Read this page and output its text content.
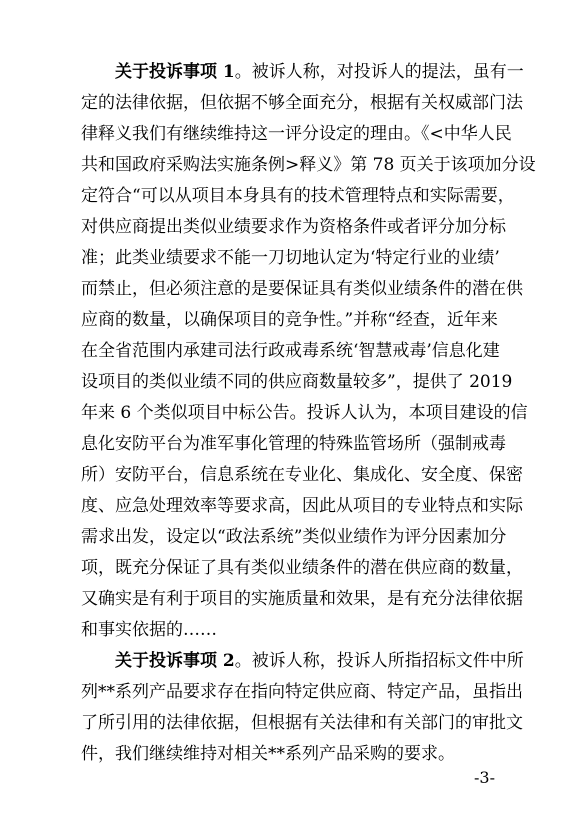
关于投诉事项 1。被诉人称，对投诉人的提法，虽有一
定的法律依据，但依据不够全面充分，根据有关权威部门法
律释义我们有继续维持这一评分设定的理由。《<中华人民
共和国政府采购法实施条例>释义》第 78 页关于该项加分设
定符合“可以从项目本身具有的技术管理特点和实际需要，
对供应商提出类似业绩要求作为资格条件或者评分加分标
准；此类业绩要求不能一刀切地认定为‘特定行业的业绩’
而禁止，但必须注意的是要保证具有类似业绩条件的潜在供
应商的数量，以确保项目的竞争性。”并称“经查，近年来
在全省范围内承建司法行政戒毒系统‘智慧戒毒’信息化建
设项目的类似业绩不同的供应商数量较多”，提供了 2019
年来 6 个类似项目中标公告。投诉人认为，本项目建设的信
息化安防平台为准军事化管理的特殊监管场所（强制戒毒
所）安防平台，信息系统在专业化、集成化、安全度、保密
度、应急处理效率等要求高，因此从项目的专业特点和实际
需求出发，设定以“政法系统”类似业绩作为评分因素加分
项，既充分保证了具有类似业绩条件的潜在供应商的数量，
又确实是有利于项目的实施质量和效果，是有充分法律依据
和事实依据的……
关于投诉事项 2。被诉人称，投诉人所指招标文件中所
列**系列产品要求存在指向特定供应商、特定产品，虽指出
了所引用的法律依据，但根据有关法律和有关部门的审批文
件，我们继续维持对相关**系列产品采购的要求。
-3-
